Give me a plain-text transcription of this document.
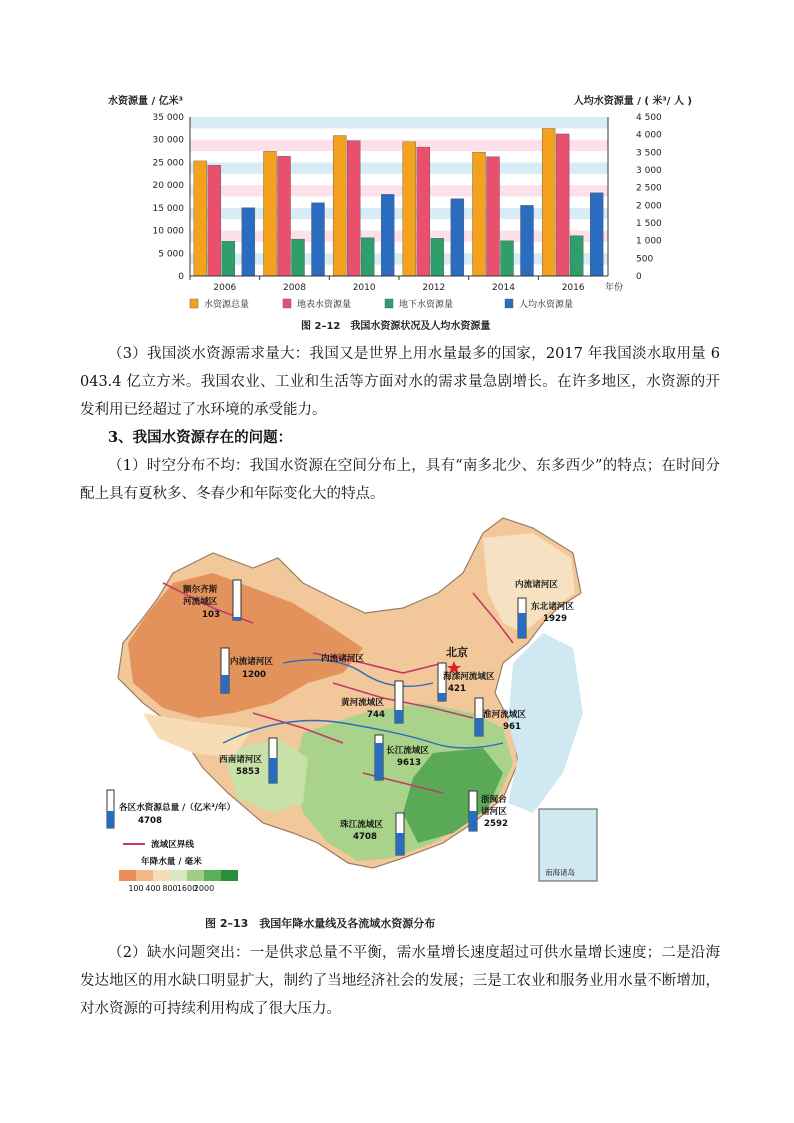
水资源量 / 亿米³	人均水资源量 / ( 米³/ 人 )
0
5 000
10 000
15 000
20 000
25 000
30 000
35 000
0
500
1 000
1 500
2 000
2 500
3 000
3 500
4 000
4 500
2006	2008	2010	2012	2014	2016 年份
水资源总量	地表水资源量	地下水资源量	人均水资源量
图 2–12　我国水资源状况及人均水资源量

（3）我国淡水资源需求量大：我国又是世界上用水量最多的国家，2017 年我国淡水取用量 6 043.4 亿立方米。我国农业、工业和生活等方面对水的需求量急剧增长。在许多地区，水资源的开发利用已经超过了水环境的承受能力。

3、我国水资源存在的问题：

（1）时空分布不均：我国水资源在空间分布上，具有“南多北少、东多西少”的特点；在时间分配上具有夏秋多、冬春少和年际变化大的特点。

北京
额尔齐斯
河流域区
103
内流诸河区
1200
内流诸河区
黄河流域区
744
海滦河流域区
421
内流诸河区
东北诸河区
1929
淮河流域区
961
长江流域区
9613
西南诸河区
5853
浙闽台
诸河区
2592
珠江流域区
4708
各区水资源总量 /（亿米³/年）
4708
流域区界线
年降水量 / 毫米
100 400 800 1600
2000
南海诸岛
图 2–13　我国年降水量线及各流域水资源分布

（2）缺水问题突出：一是供求总量不平衡，需水量增长速度超过可供水量增长速度；二是沿海发达地区的用水缺口明显扩大，制约了当地经济社会的发展；三是工农业和服务业用水量不断增加，对水资源的可持续利用构成了很大压力。
